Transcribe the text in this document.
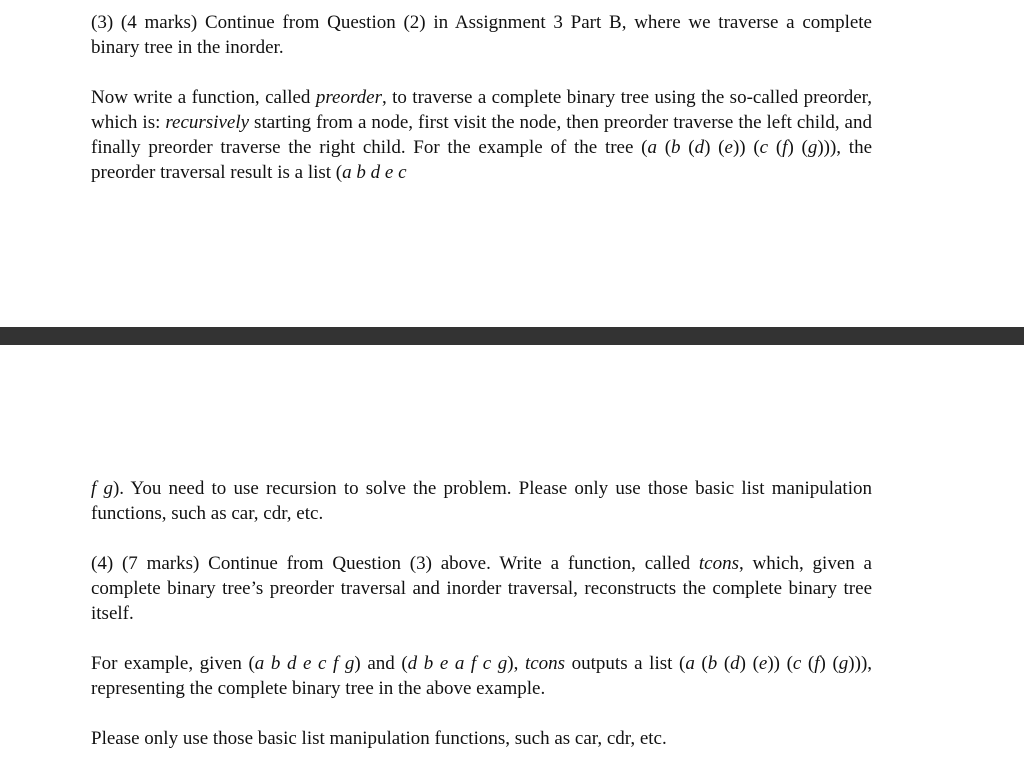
(3) (4 marks) Continue from Question (2) in Assignment 3 Part B, where we traverse a complete binary tree in the inorder.

Now write a function, called preorder, to traverse a complete binary tree using the so-called preorder, which is: recursively starting from a node, first visit the node, then preorder traverse the left child, and finally preorder traverse the right child. For the example of the tree (a (b (d) (e)) (c (f) (g))), the preorder traversal result is a list (a b d e c

f g). You need to use recursion to solve the problem. Please only use those basic list manipulation functions, such as car, cdr, etc.

(4) (7 marks) Continue from Question (3) above. Write a function, called tcons, which, given a complete binary tree’s preorder traversal and inorder traversal, reconstructs the complete binary tree itself.

For example, given (a b d e c f g) and (d b e a f c g), tcons outputs a list (a (b (d) (e)) (c (f) (g))), representing the complete binary tree in the above example.

Please only use those basic list manipulation functions, such as car, cdr, etc.
